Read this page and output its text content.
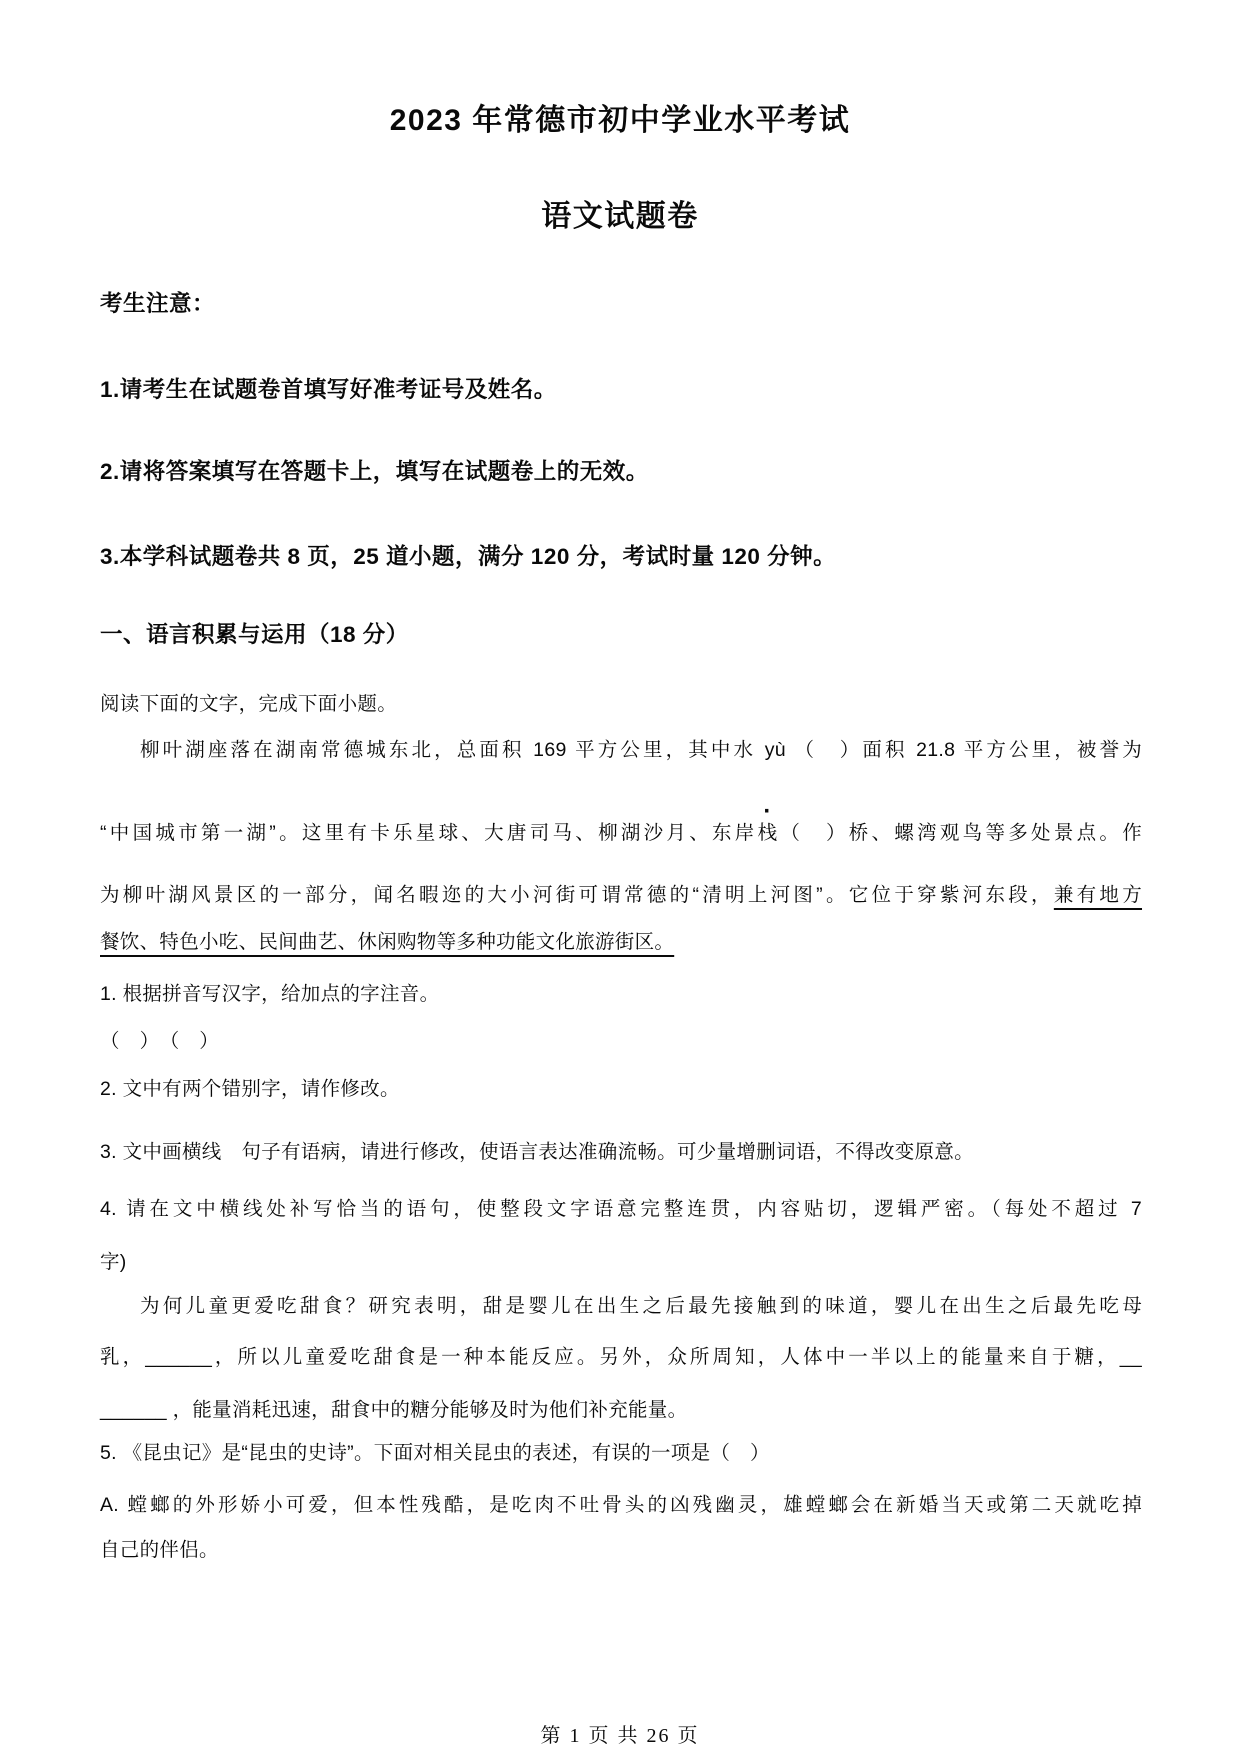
2023 年常德市初中学业水平考试
语文试题卷
考生注意：
1.请考生在试题卷首填写好准考证号及姓名。
2.请将答案填写在答题卡上，填写在试题卷上的无效。
3.本学科试题卷共 8 页，25 道小题，满分 120 分，考试时量 120 分钟。
一、语言积累与运用（18 分）
阅读下面的文字，完成下面小题。
柳叶湖座落在湖南常德城东北，总面积 169 平方公里，其中水 yù （　）面积 21.8 平方公里，被誉为
“中国城市第一湖”。这里有卡乐星球、大唐司马、柳湖沙月、东岸
·
栈（　）桥、螺湾观鸟等多处景点。作
为柳叶湖风景区的一部分，闻名暇迩的大小河街可谓常德的“清明上河图”。它位于穿紫河东段，兼有地方
餐饮、特色小吃、民间曲艺、休闲购物等多种功能文化旅游街区。
1. 根据拼音写汉字，给加点的字注音。
（　）　（　）
2. 文中有两个错别字，请作修改。
3. 文中画横线　句子有语病，请进行修改，使语言表达准确流畅。可少量增删词语，不得改变原意。
4. 请在文中横线处补写恰当的语句，使整段文字语意完整连贯，内容贴切，逻辑严密。（每处不超过 7
字)
为何儿童更爱吃甜食？研究表明，甜是婴儿在出生之后最先接触到的味道，婴儿在出生之后最先吃母
乳，______，所以儿童爱吃甜食是一种本能反应。另外，众所周知，人体中一半以上的能量来自于糖，__
______ ，能量消耗迅速，甜食中的糖分能够及时为他们补充能量。
5. 《昆虫记》是“昆虫的史诗”。下面对相关昆虫的表述，有误的一项是（　）
A. 螳螂的外形娇小可爱，但本性残酷，是吃肉不吐骨头的凶残幽灵，雄螳螂会在新婚当天或第二天就吃掉
自己的伴侣。
第 1 页 共 26 页
